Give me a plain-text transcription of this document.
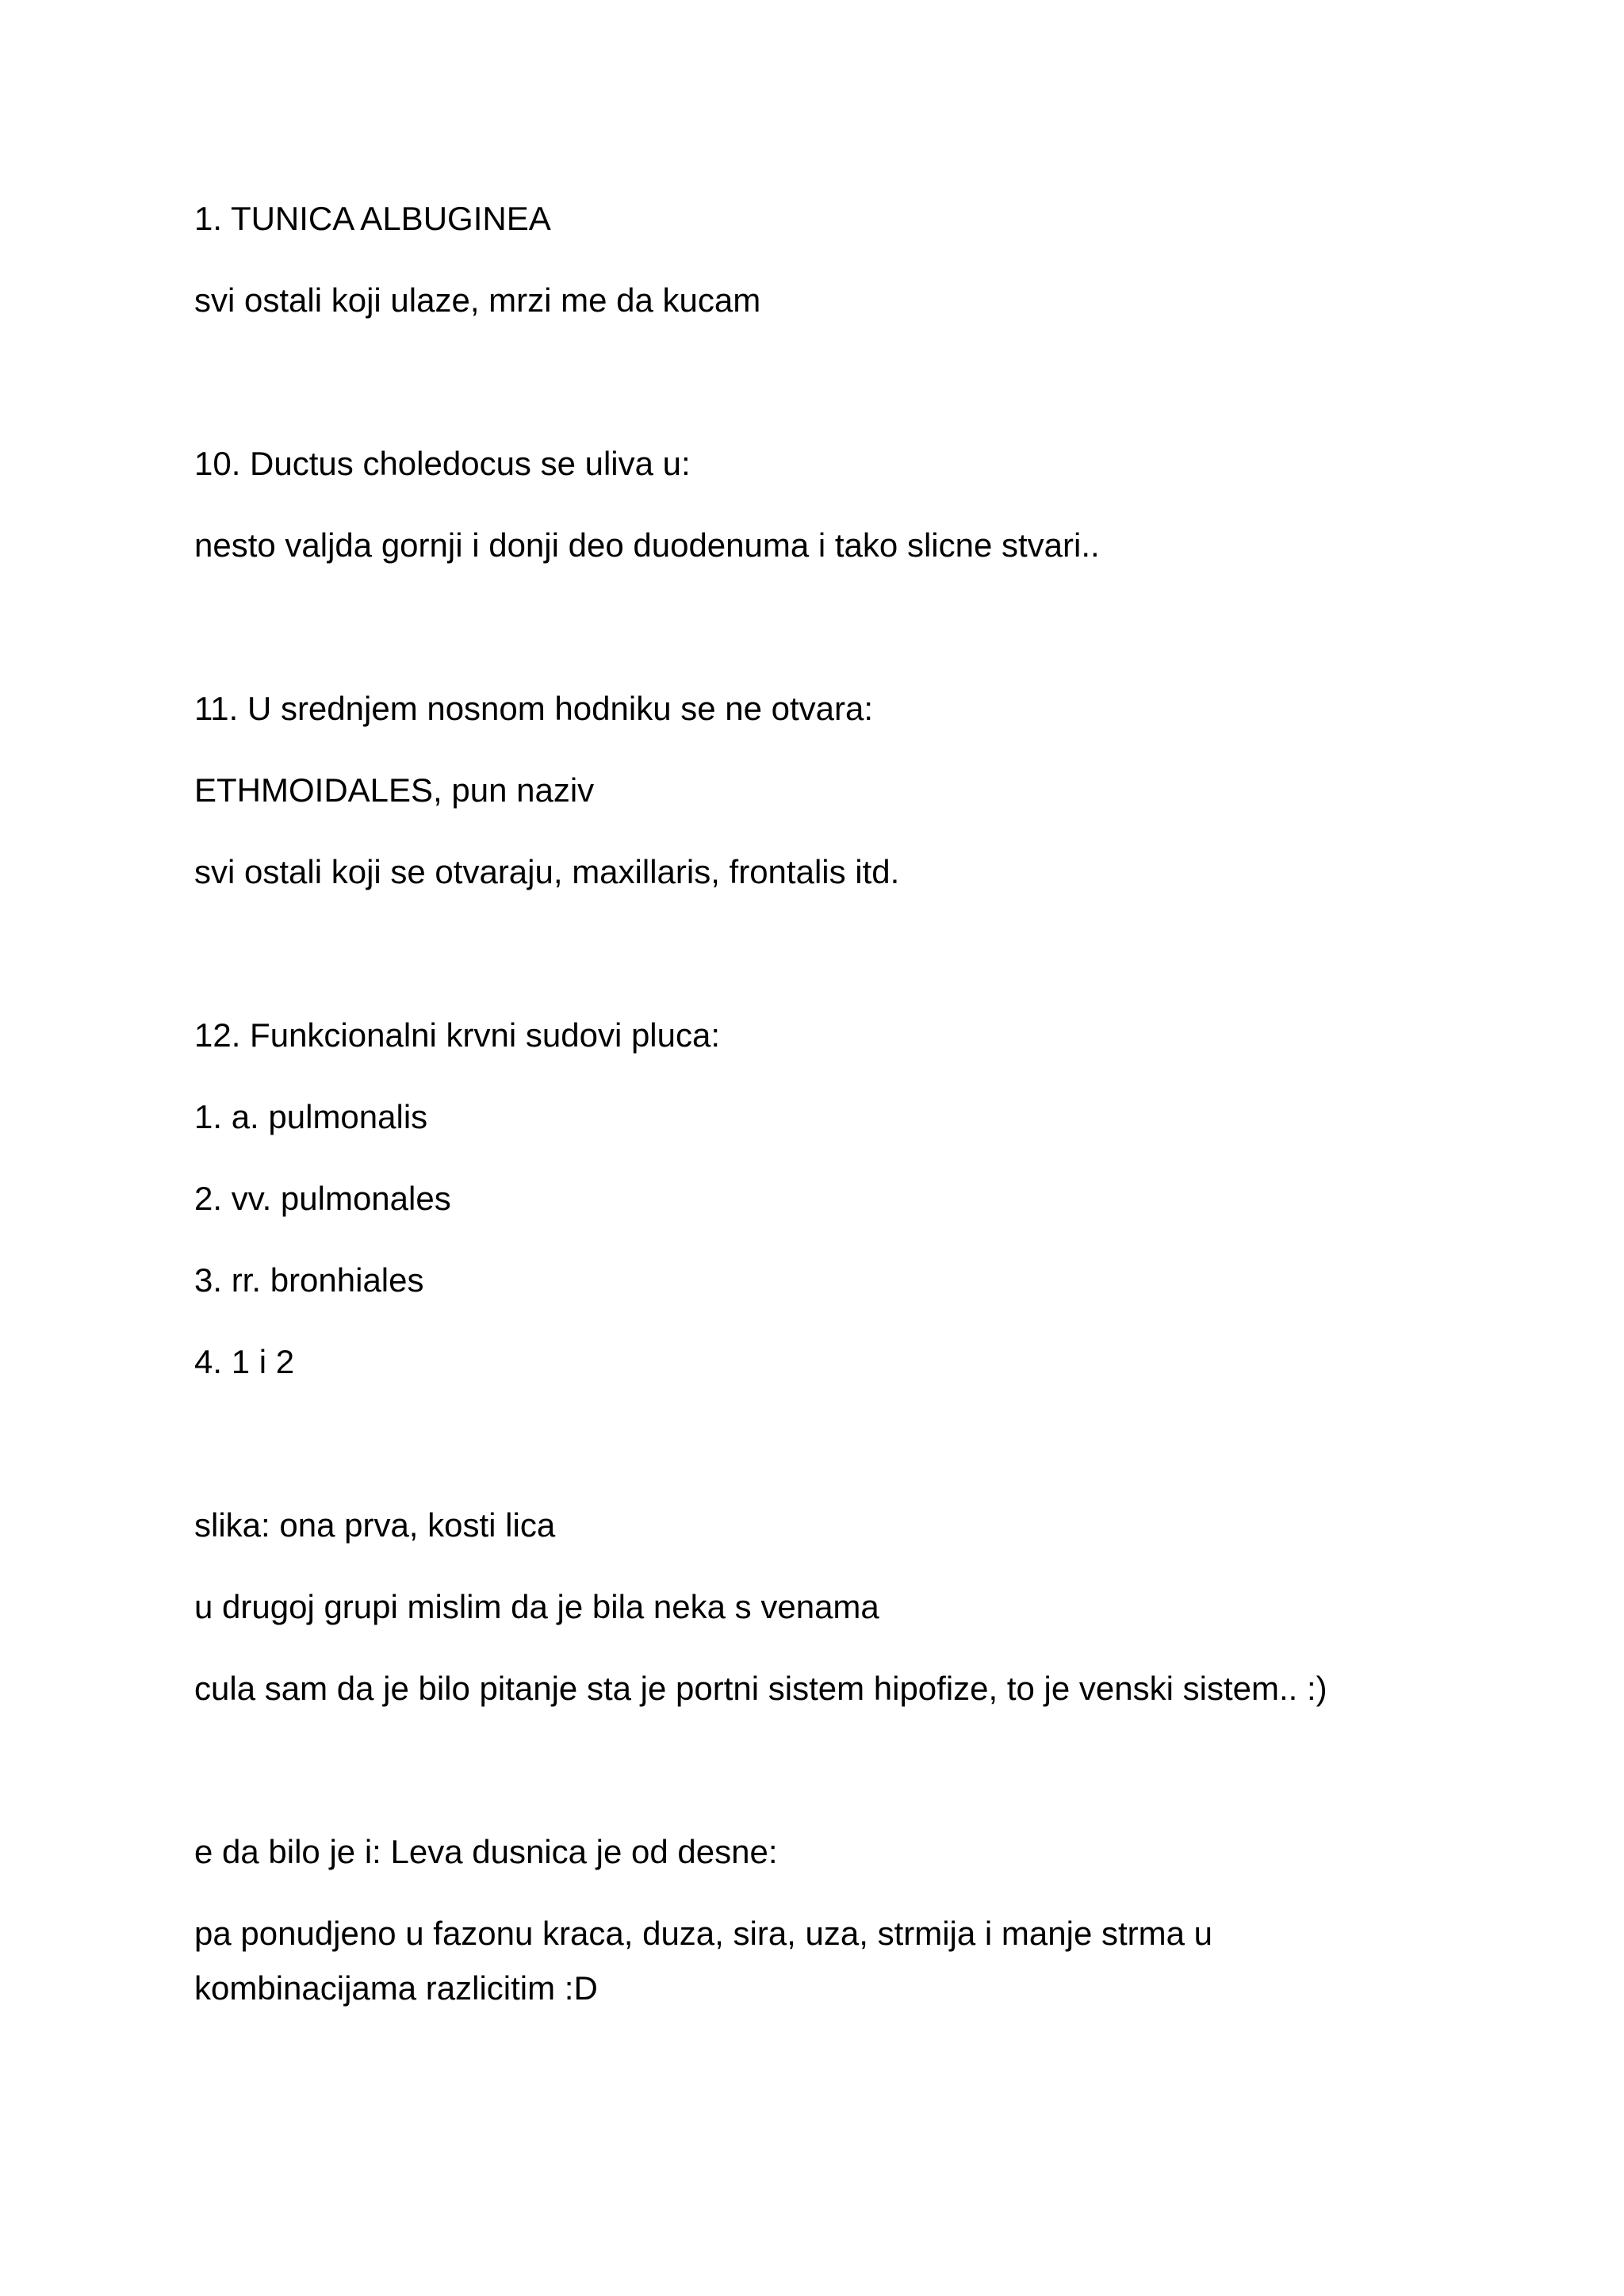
1. TUNICA ALBUGINEA

svi ostali koji ulaze, mrzi me da kucam

10. Ductus choledocus se uliva u:

nesto valjda gornji i donji deo duodenuma i tako slicne stvari..

11. U srednjem nosnom hodniku se ne otvara:

ETHMOIDALES, pun naziv

svi ostali koji se otvaraju, maxillaris, frontalis itd.

12. Funkcionalni krvni sudovi pluca:

1. a. pulmonalis

2. vv. pulmonales

3. rr. bronhiales

4. 1 i 2

slika: ona prva, kosti lica

u drugoj grupi mislim da je bila neka s venama

cula sam da je bilo pitanje sta je portni sistem hipofize, to je venski sistem.. :)

e da bilo je i: Leva dusnica je od desne:

pa ponudjeno u fazonu kraca, duza, sira, uza, strmija i manje strma u

kombinacijama razlicitim :D
